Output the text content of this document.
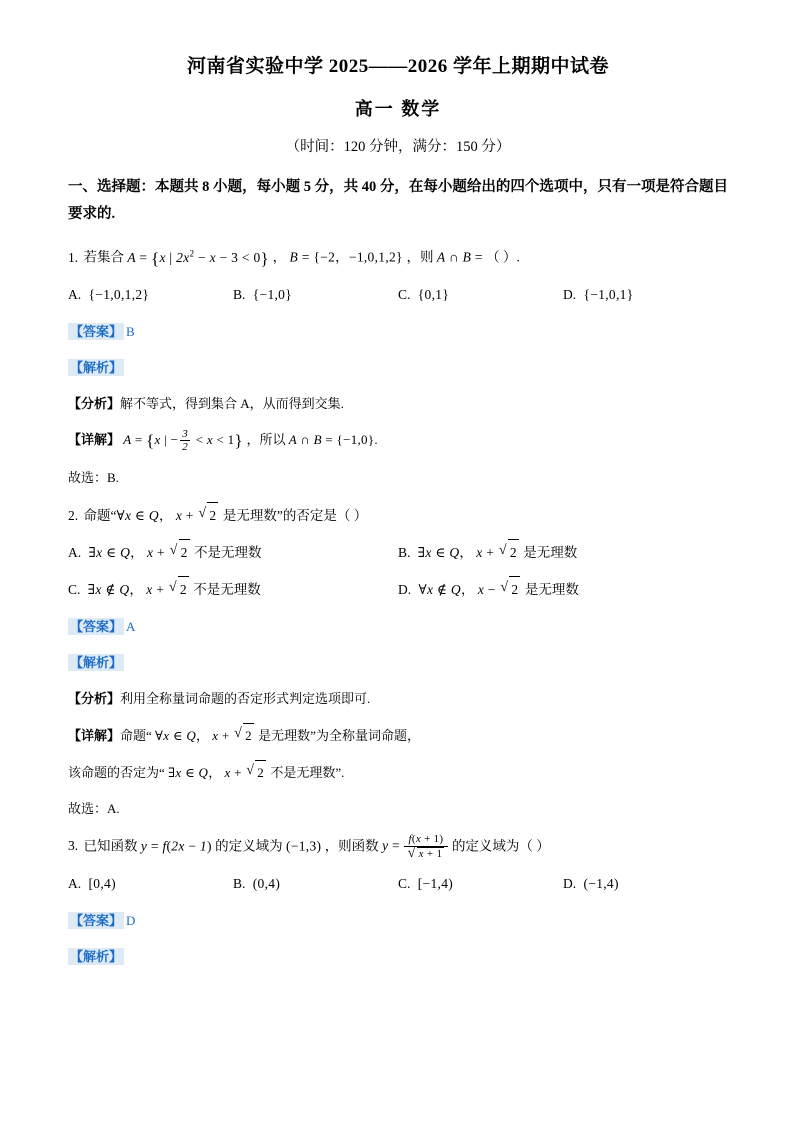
河南省实验中学 2025——2026 学年上期期中试卷
高一 数学
（时间：120 分钟，满分：150 分）
一、选择题：本题共 8 小题，每小题 5 分，共 40 分，在每小题给出的四个选项中，只有一项是符合题目要求的.
1. 若集合 A = {x | $2x^2 - x - 3 < 0$} ， B = {−2，−1,0,1,2} ，则 A ∩ B = （ ）.
A. {−1,0,1,2}	B. {−1,0}	C. {0,1}	D. {−1,0,1}
【答案】 B
【解析】
【分析】解不等式，得到集合 A，从而得到交集.
【详解】 A = {x | − $\frac{3}{2} < x < 1$} ，所以 A ∩ B = {−1,0}.
故选：B.
2. 命题“∀x ∈ Q， x + √ 2 是无理数”的否定是（ ）
A. ∃x ∈ Q， x + √ 2 不是无理数	B. ∃x ∈ Q， x + √ 2 是无理数
C. ∃x ∉ Q， x + √ 2 不是无理数	D. ∀x ∉ Q， x − √ 2 是无理数
【答案】 A
【解析】
【分析】利用全称量词命题的否定形式判定选项即可.
【详解】命题“ ∀x ∈ Q， x + √ 2 是无理数”为全称量词命题，
该命题的否定为“ ∃x ∈ Q， x + √ 2 不是无理数”.
故选：A.
3. 已知函数 y = f(2x − 1) 的定义域为 (−1,3) ，则函数 y = f(x + 1)
√ x + 1 的定义域为（ ）
A. [0,4)	B. (0,4)	C. [−1,4)	D. (−1,4)
【答案】 D
【解析】
